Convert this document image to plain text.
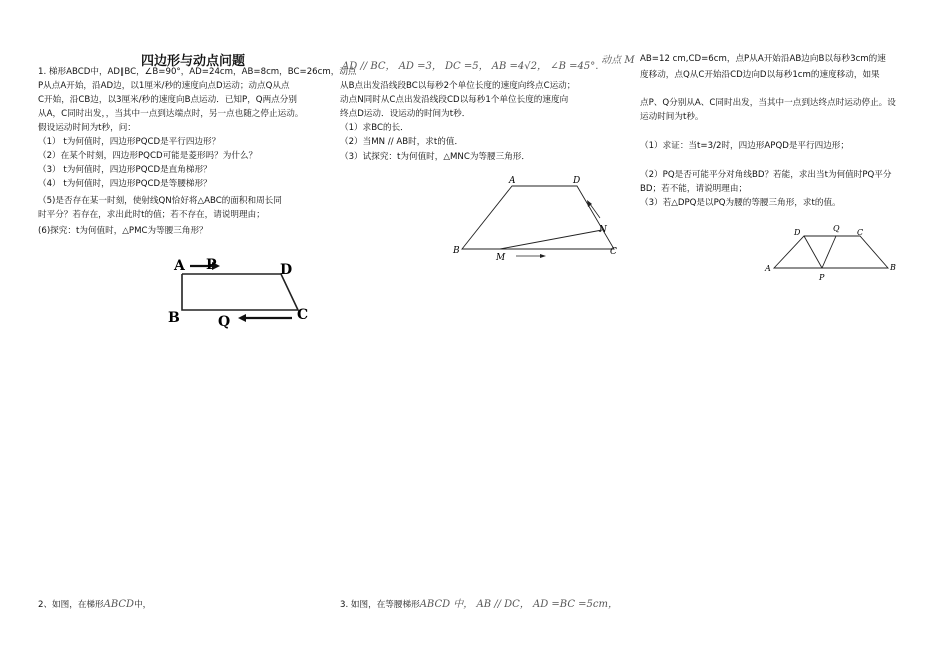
四边形与动点问题
1. 梯形ABCD中，AD∥BC，∠B=90°，AD=24cm，AB=8cm，BC=26cm，动点
P从点A开始，沿AD边，以1厘米/秒的速度向点D运动；动点Q从点
C开始，沿CB边，以3厘米/秒的速度向B点运动．已知P，Q两点分别
从A，C同时出发，，当其中一点到达端点时，另一点也随之停止运动。
假设运动时间为t秒，问：
（1） t为何值时，四边形PQCD是平行四边形？
（2）在某个时刻，四边形PQCD可能是菱形吗？为什么？
（3） t为何值时，四边形PQCD是直角梯形？
（4） t为何值时，四边形PQCD是等腰梯形？
（5)是否存在某一时刻，使射线QN恰好将△ABC的面积和周长同
时平分？若存在，求出此时t的值；若不存在，请说明理由；
(6)探究：t为何值时，△PMC为等腰三角形？
A P	D
B	Q	C
2、如图，在梯形ABCD中，
AD // BC， AD =3， DC =5， AB =4√2， ∠B =45°. 动点 M
从B点出发沿线段BC以每秒2个单位长度的速度向终点C运动；
动点N同时从C点出发沿线段CD以每秒1个单位长度的速度向
终点D运动．设运动的时间为t秒．
（1）求BC的长．
（2）当MN // AB时，求t的值．
（3）试探究：t为何值时，△MNC为等腰三角形．
A	D
N
B
M
C
3. 如图，在等腰梯形ABCD 中， AB // DC， AD =BC =5cm，
AB=12 cm,CD=6cm，点P从A开始沿AB边向B以每秒3cm的速
度移动，点Q从C开始沿CD边向D以每秒1cm的速度移动，如果
点P、Q分别从A、C同时出发，当其中一点到达终点时运动停止。设
运动时间为t秒。
（1）求证：当t=3/2时，四边形APQD是平行四边形；
（2）PQ是否可能平分对角线BD？若能，求出当t为何值时PQ平分
BD；若不能，请说明理由；
（3）若△DPQ是以PQ为腰的等腰三角形，求t的值。
D	Q C
A
P
B
